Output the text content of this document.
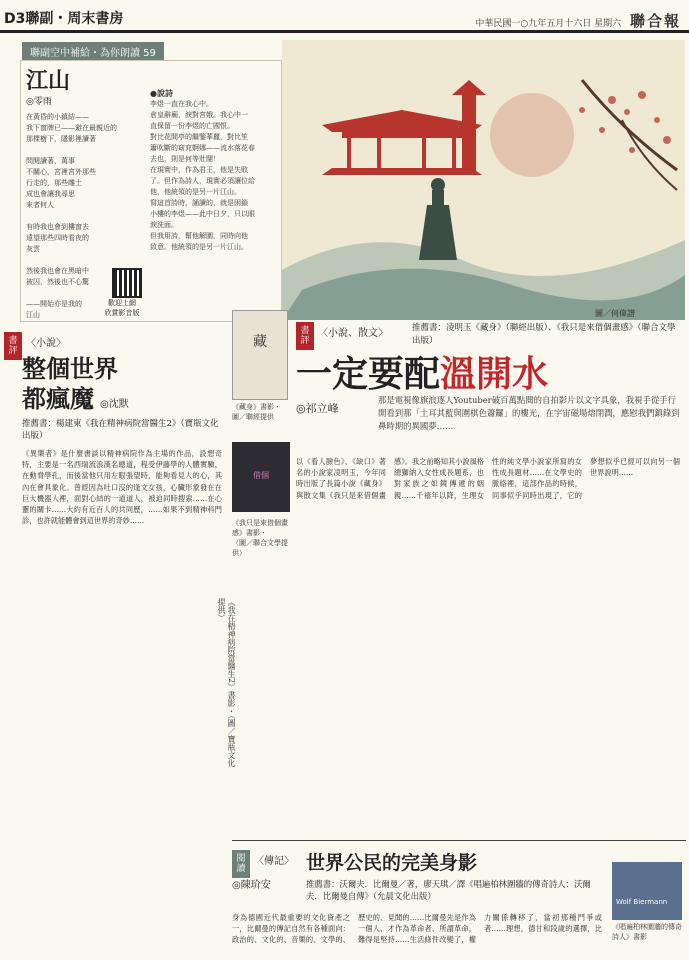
D3聯副・周末書房	中華民國一○九年五月十六日 星期六 聯合報
聯副空中補給・為你朗讀 59
江山
◎零雨
在黃昏的小鎮結——
我下窗牌已——避在最親近的
那棵樹下，隱影裡讀著

問閱讀著，萬事
不關心，宮裡宮外那些
行走的，那些雕土
成也會讓我尋思
來者何人

有時我也會到樓窗去
遠望那些四時看夜的
灰雲

然後我也會在黑暗中
被囚，然後也不心驚

——開始亦是我的
江山
●說詩
李煜一直在我心中。
倉皇辭廟，淚對宮娥。我心中一
直保留一份李煜的亡國恨。
對比花間亭的繼鑒華麗，對比笙
簫吹斷的窈窕婀娜——流水落花春
去也，則是何等壯闊！
在現實中，作為君王，他是失敗
了。但作為詩人，現實必須讓位給
他，他統領的是另一片江山。
寫這首詩時，誦讀的，就是困鎖
小樓的李煜——此中日夕，只以眼
淚洗面。
但我用詩，幫他解圍，同時向他
致意。他統領的是另一片江山。
歡迎上網
欣賞影音版	圖／何偉譜
藏
《藏身》書影・
圖／聯經提供
借個
《我只是來借個畫感》書影・
（圖／聯合文學提供）
書評
〈小說、散文〉	推薦書：凌明玉《藏身》（聯經出版）、《我只是來借個畫感》（聯合文學出版）
一定要配溫開水
◎祁立峰
那是電視像旗浪逐人Youtuber破百萬點閱的自拍影片以文字具象，我視手從手行開看到那「土耳其藍與圍棋色蕭鑼」的樓光，在宇宙磁場熔閉潤，應慰我們鎮錄到鼻時期的異國夢……
以《看人臉色》、《缺口》著名的小說家凌明玉，今年同時出版了長篇小說《藏身》與散文集《我只是來借個畫感》。我之前略知其小說風格總獅納入女性成長題系，也對家族之如鏡傳遞的姻親……千禧年以降，生理女性的純文學小說家所寫的女性成長題材……在文學史的脈絡裡，這部作品的時候，同事似乎同時出現了，它的夢想似乎已經可以向另一個世界說明……
書評
〈小說〉
整個世界
都瘋魔 ◎沈默
推薦書：楊建東《我在精神病院當醫生2》（寶瓶文化出版）
《異樂者》是什麼書談以精神病院作為主場的作品，設想奇特，主要是一名西瑞流浪漢名總道，程受伊藤學的人體實驗，在動脅學孔，而後當他只用左眼張望時，能夠看見人的心，其內在會具象化。曾經因為吐口沒的逢文女孩，心臟形象發在在巨大機器人裡，面對心結的一道道人，被迫同時搜索……在心靈的關卡……大約有近百人的共同歷，……如果不到精神科門診，也許就能體會到這世界的奇妙……
《我在精神病院當醫生2》書影・（圖／寶瓶文化提供）
閱讀
〈傳記〉 世界公民的完美身影
◎陳玠安	推薦書：沃爾夫．比爾曼／著，廖天琪／譯《唱遍柏林圍牆的傳奇詩人：沃爾夫．比爾曼自傳》（允晨文化出版）
身為德國近代最重要的文化資產之一，比爾曼的傳記自然有各種面向：政治的、文化的、音樂的、文學的、歷史的、見聞的……比爾曼先是作為一個人，才作為革命者、所謂革命，難得是堅持……生活條件改變了，權力關係轉移了，當初那種鬥爭或者……理想，德甘和段歲的選擇，比
Wolf Biermann
《唱遍柏林圍牆的傳奇詩人》書影
